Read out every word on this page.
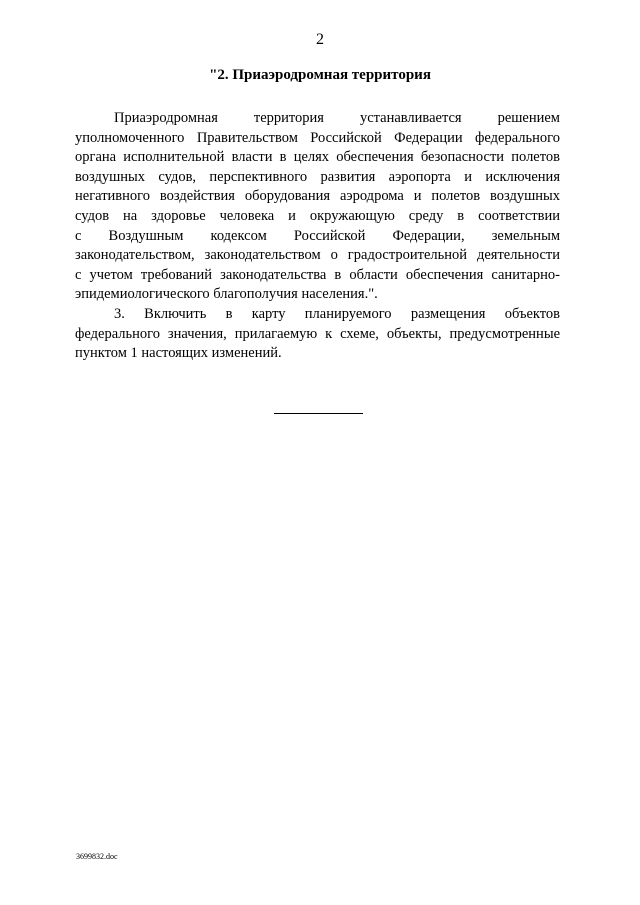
2
"2. Приаэродромная территория
Приаэродромная территория устанавливается решением
уполномоченного Правительством Российской Федерации федерального
органа исполнительной власти в целях обеспечения безопасности полетов
воздушных судов, перспективного развития аэропорта и исключения
негативного воздействия оборудования аэродрома и полетов воздушных
судов на здоровье человека и окружающую среду в соответствии
с Воздушным кодексом Российской Федерации, земельным
законодательством, законодательством о градостроительной деятельности
с учетом требований законодательства в области обеспечения санитарно-
эпидемиологического благополучия населения.".
3. Включить в карту планируемого размещения объектов
федерального значения, прилагаемую к схеме, объекты, предусмотренные
пунктом 1 настоящих изменений.
3699832.doc
